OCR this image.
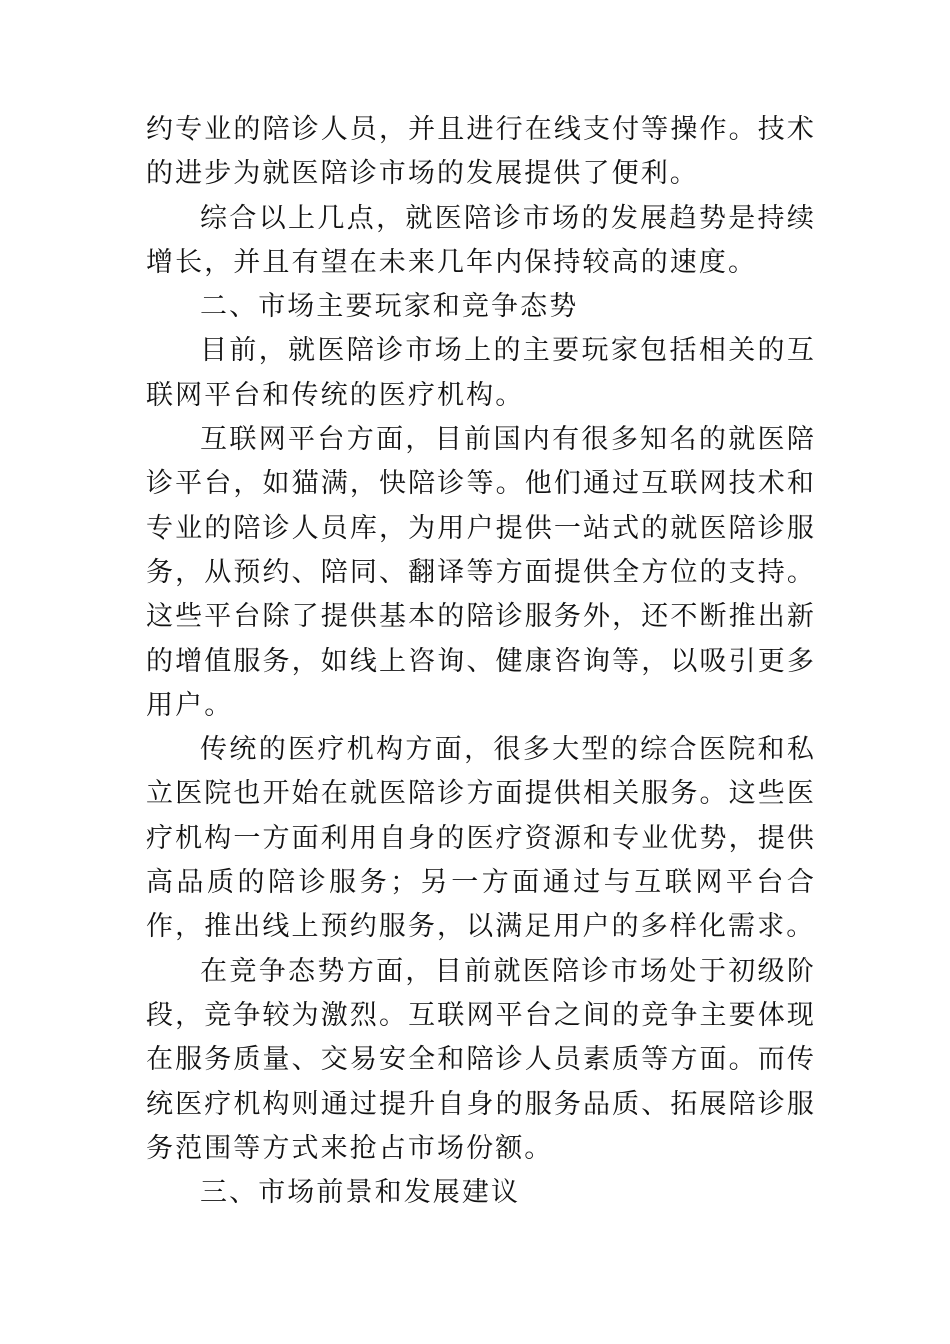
约专业的陪诊人员，并且进行在线支付等操作。技术的进步为就医陪诊市场的发展提供了便利。

综合以上几点，就医陪诊市场的发展趋势是持续增长，并且有望在未来几年内保持较高的速度。

二、市场主要玩家和竞争态势

目前，就医陪诊市场上的主要玩家包括相关的互联网平台和传统的医疗机构。

互联网平台方面，目前国内有很多知名的就医陪诊平台，如猫满，快陪诊等。他们通过互联网技术和专业的陪诊人员库，为用户提供一站式的就医陪诊服务，从预约、陪同、翻译等方面提供全方位的支持。这些平台除了提供基本的陪诊服务外，还不断推出新的增值服务，如线上咨询、健康咨询等，以吸引更多用户。

传统的医疗机构方面，很多大型的综合医院和私立医院也开始在就医陪诊方面提供相关服务。这些医疗机构一方面利用自身的医疗资源和专业优势，提供高品质的陪诊服务；另一方面通过与互联网平台合作，推出线上预约服务，以满足用户的多样化需求。

在竞争态势方面，目前就医陪诊市场处于初级阶段，竞争较为激烈。互联网平台之间的竞争主要体现在服务质量、交易安全和陪诊人员素质等方面。而传统医疗机构则通过提升自身的服务品质、拓展陪诊服务范围等方式来抢占市场份额。

三、市场前景和发展建议
